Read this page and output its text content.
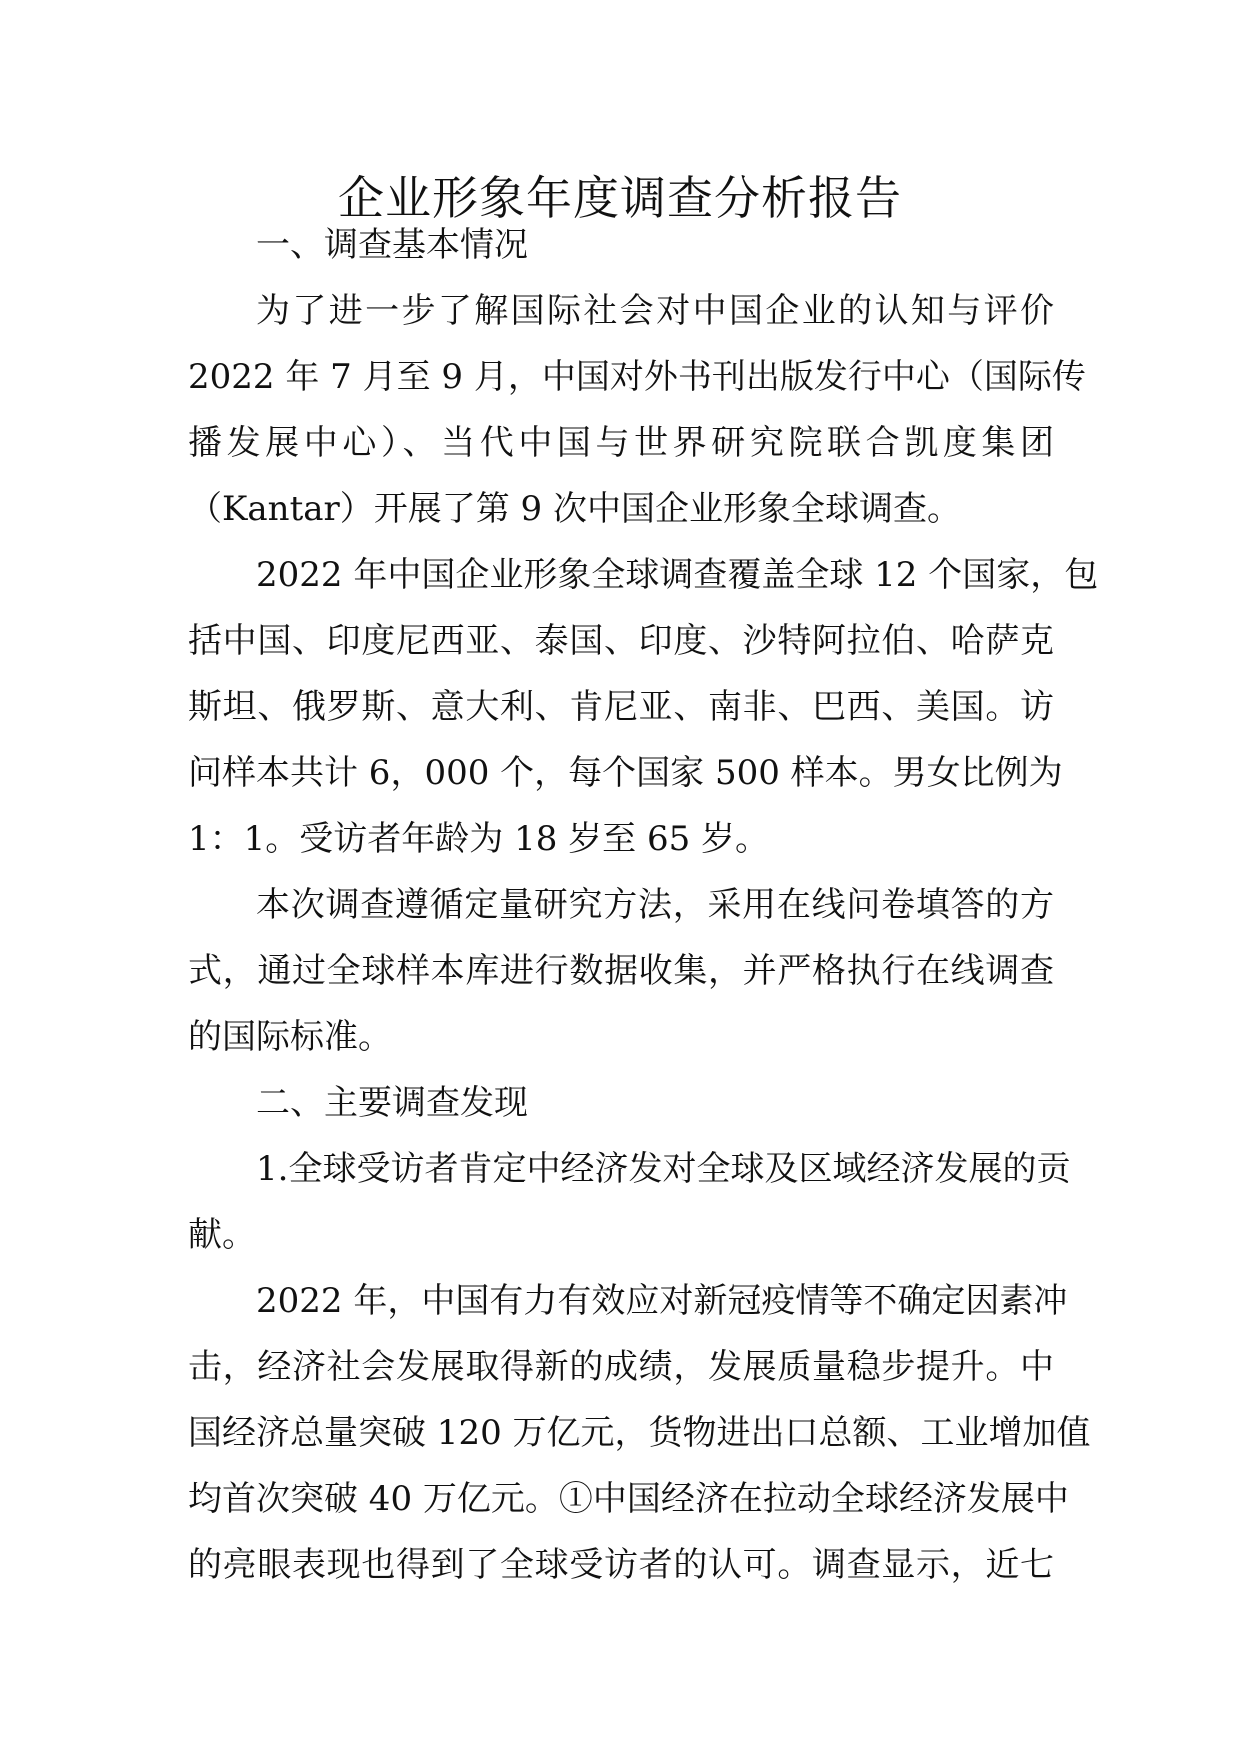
企业形象年度调查分析报告
一、调查基本情况
为了进一步了解国际社会对中国企业的认知与评价
2022 年 7 月至 9 月，中国对外书刊出版发行中心（国际传
播发展中心）、当代中国与世界研究院联合凯度集团
（Kantar）开展了第 9 次中国企业形象全球调查。
2022 年中国企业形象全球调查覆盖全球 12 个国家，包
括中国、印度尼西亚、泰国、印度、沙特阿拉伯、哈萨克
斯坦、俄罗斯、意大利、肯尼亚、南非、巴西、美国。访
问样本共计 6，000 个，每个国家 500 样本。男女比例为
1：1。受访者年龄为 18 岁至 65 岁。
本次调查遵循定量研究方法，采用在线问卷填答的方
式，通过全球样本库进行数据收集，并严格执行在线调查
的国际标准。
二、主要调查发现
1.全球受访者肯定中经济发对全球及区域经济发展的贡
献。
2022 年，中国有力有效应对新冠疫情等不确定因素冲
击，经济社会发展取得新的成绩，发展质量稳步提升。中
国经济总量突破 120 万亿元，货物进出口总额、工业增加值
均首次突破 40 万亿元。①中国经济在拉动全球经济发展中
的亮眼表现也得到了全球受访者的认可。调查显示，近七
